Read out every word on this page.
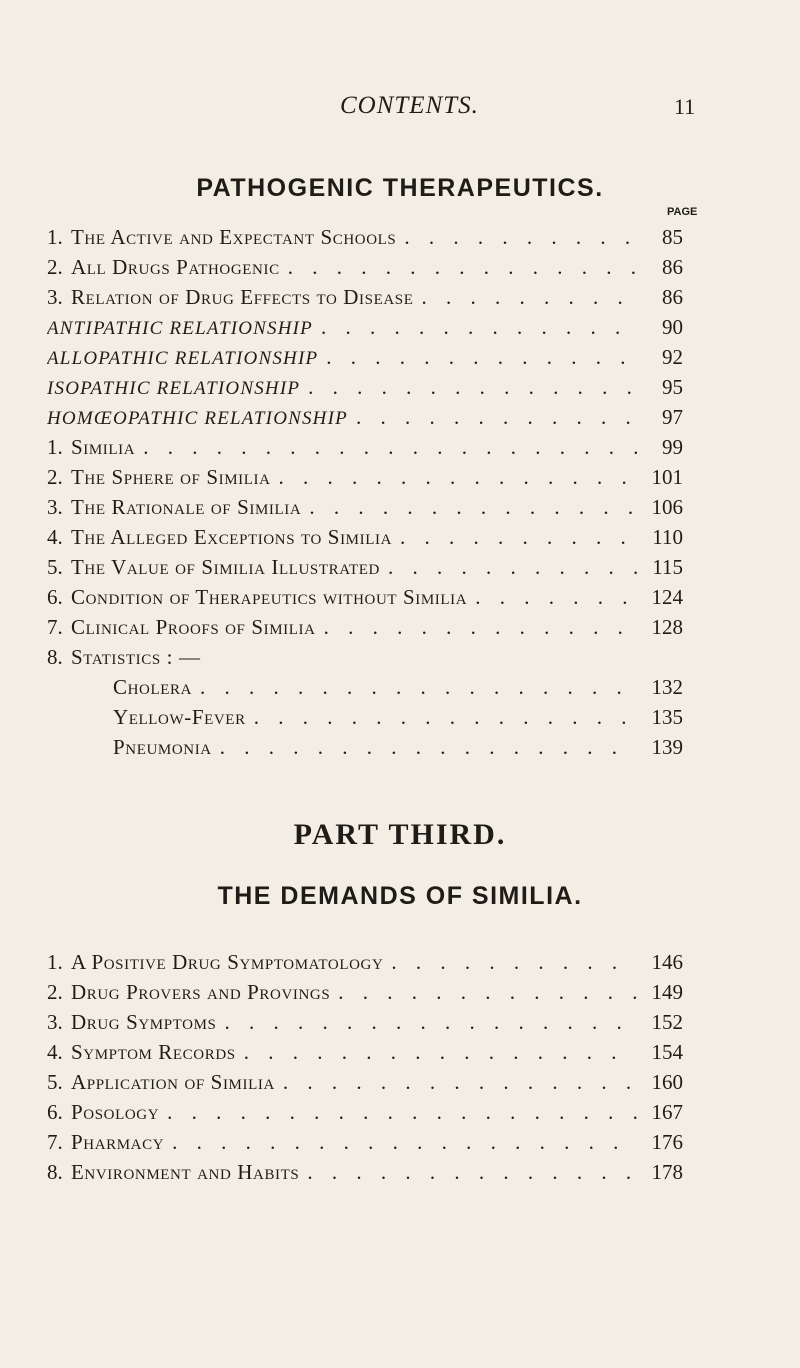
CONTENTS.	11
PATHOGENIC THERAPEUTICS.
PAGE
1. The Active and Expectant Schools . . .	85
2. All Drugs Pathogenic . . .	86
3. Relation of Drug Effects to Disease . . .	86
ANTIPATHIC RELATIONSHIP . . .	90
ALLOPATHIC RELATIONSHIP . . .	92
ISOPATHIC RELATIONSHIP . . .	95
HOMŒOPATHIC RELATIONSHIP . . .	97
1. Similia . . .	99
2. The Sphere of Similia . . .	101
3. The Rationale of Similia . . .	106
4. The Alleged Exceptions to Similia . . .	110
5. The Value of Similia Illustrated . . .	115
6. Condition of Therapeutics without Similia . . .	124
7. Clinical Proofs of Similia . . .	128
8. Statistics : —
Cholera . . .	132
Yellow-Fever . . .	135
Pneumonia . . .	139
PART THIRD.
THE DEMANDS OF SIMILIA.
1. A Positive Drug Symptomatology . . .	146
2. Drug Provers and Provings . . .	149
3. Drug Symptoms . . .	152
4. Symptom Records . . .	154
5. Application of Similia . . .	160
6. Posology . . .	167
7. Pharmacy . . .	176
8. Environment and Habits . . .	178
